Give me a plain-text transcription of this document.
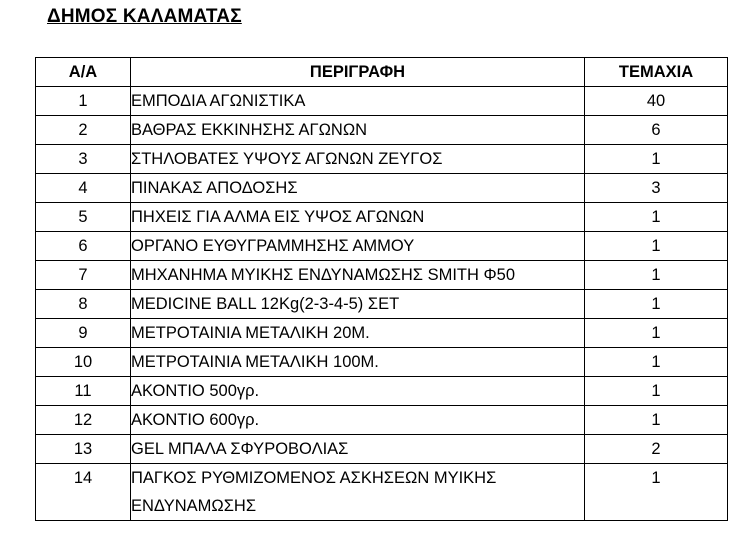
ΔΗΜΟΣ ΚΑΛΑΜΑΤΑΣ
Α/Α	ΠΕΡΙΓΡΑΦΗ	ΤΕΜΑΧΙΑ
1	ΕΜΠΟΔΙΑ ΑΓΩΝΙΣΤΙΚΑ	40
2	ΒΑΘΡΑΣ ΕΚΚΙΝΗΣΗΣ ΑΓΩΝΩΝ	6
3	ΣΤΗΛΟΒΑΤΕΣ ΥΨΟΥΣ ΑΓΩΝΩΝ ΖΕΥΓΟΣ	1
4	ΠΙΝΑΚΑΣ ΑΠΟΔΟΣΗΣ	3
5	ΠΗΧΕΙΣ ΓΙΑ ΑΛΜΑ ΕΙΣ ΥΨΟΣ ΑΓΩΝΩΝ	1
6	ΟΡΓΑΝΟ ΕΥΘΥΓΡΑΜΜΗΣΗΣ ΑΜΜΟΥ	1
7	ΜΗΧΑΝΗΜΑ ΜΥΙΚΗΣ ΕΝΔΥΝΑΜΩΣΗΣ SMITH Φ50	1
8	MEDICINE BALL 12Kg(2-3-4-5) ΣΕΤ	1
9	ΜΕΤΡΟΤΑΙΝΙΑ ΜΕΤΑΛΙΚΗ 20Μ.	1
10	ΜΕΤΡΟΤΑΙΝΙΑ ΜΕΤΑΛΙΚΗ 100Μ.	1
11	ΑΚΟΝΤΙΟ 500γρ.	1
12	ΑΚΟΝΤΙΟ 600γρ.	1
13	GEL ΜΠΑΛΑ ΣΦΥΡΟΒΟΛΙΑΣ	2
14	ΠΑΓΚΟΣ ΡΥΘΜΙΖΟΜΕΝΟΣ ΑΣΚΗΣΕΩΝ ΜΥΙΚΗΣ ΕΝΔΥΝΑΜΩΣΗΣ	1
